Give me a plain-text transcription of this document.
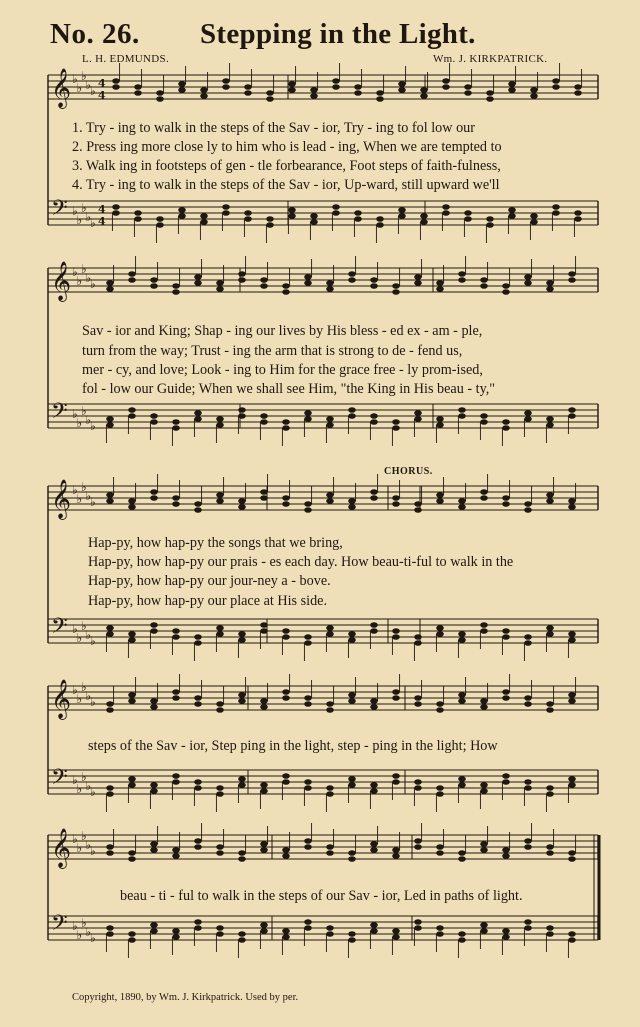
No. 26. Stepping in the Light.
L. H. EDMUNDS.	Wm. J. KIRKPATRICK.
𝄞 ♭
♭
♭
♭
♭
4
4
𝄢 ♭
♭
♭
♭
♭
4
4
𝄞 ♭
♭
♭
♭
♭
𝄢 ♭
♭
♭
♭
♭
𝄞 ♭
♭
♭
♭
♭
𝄢 ♭
♭
♭
♭
♭
𝄞 ♭
♭
♭
♭
♭
𝄢 ♭
♭
♭
♭
♭
𝄞 ♭
♭
♭
♭
♭
𝄢 ♭
♭
♭
♭
♭
CHORUS.
1. Try - ing to walk in the steps of the Sav - ior, Try - ing to fol low our
2. Press ing more close ly to him who is lead - ing, When we are tempted to
3. Walk ing in footsteps of gen - tle forbearance, Foot steps of faith-fulness,
4. Try - ing to walk in the steps of the Sav - ior, Up-ward, still upward we'll
Sav - ior and King; Shap - ing our lives by His bless - ed ex - am - ple,
turn from the way; Trust - ing the arm that is strong to de - fend us,
mer - cy, and love; Look - ing to Him for the grace free - ly prom-ised,
fol - low our Guide; When we shall see Him, "the King in His beau - ty,"
Hap-py, how hap-py the songs that we bring,
Hap-py, how hap-py our prais - es each day. How beau-ti-ful to walk in the
Hap-py, how hap-py our jour-ney a - bove.
Hap-py, how hap-py our place at His side.
steps of the Sav - ior, Step ping in the light, step - ping in the light; How
beau - ti - ful to walk in the steps of our Sav - ior, Led in paths of light.
Copyright, 1890, by Wm. J. Kirkpatrick. Used by per.
